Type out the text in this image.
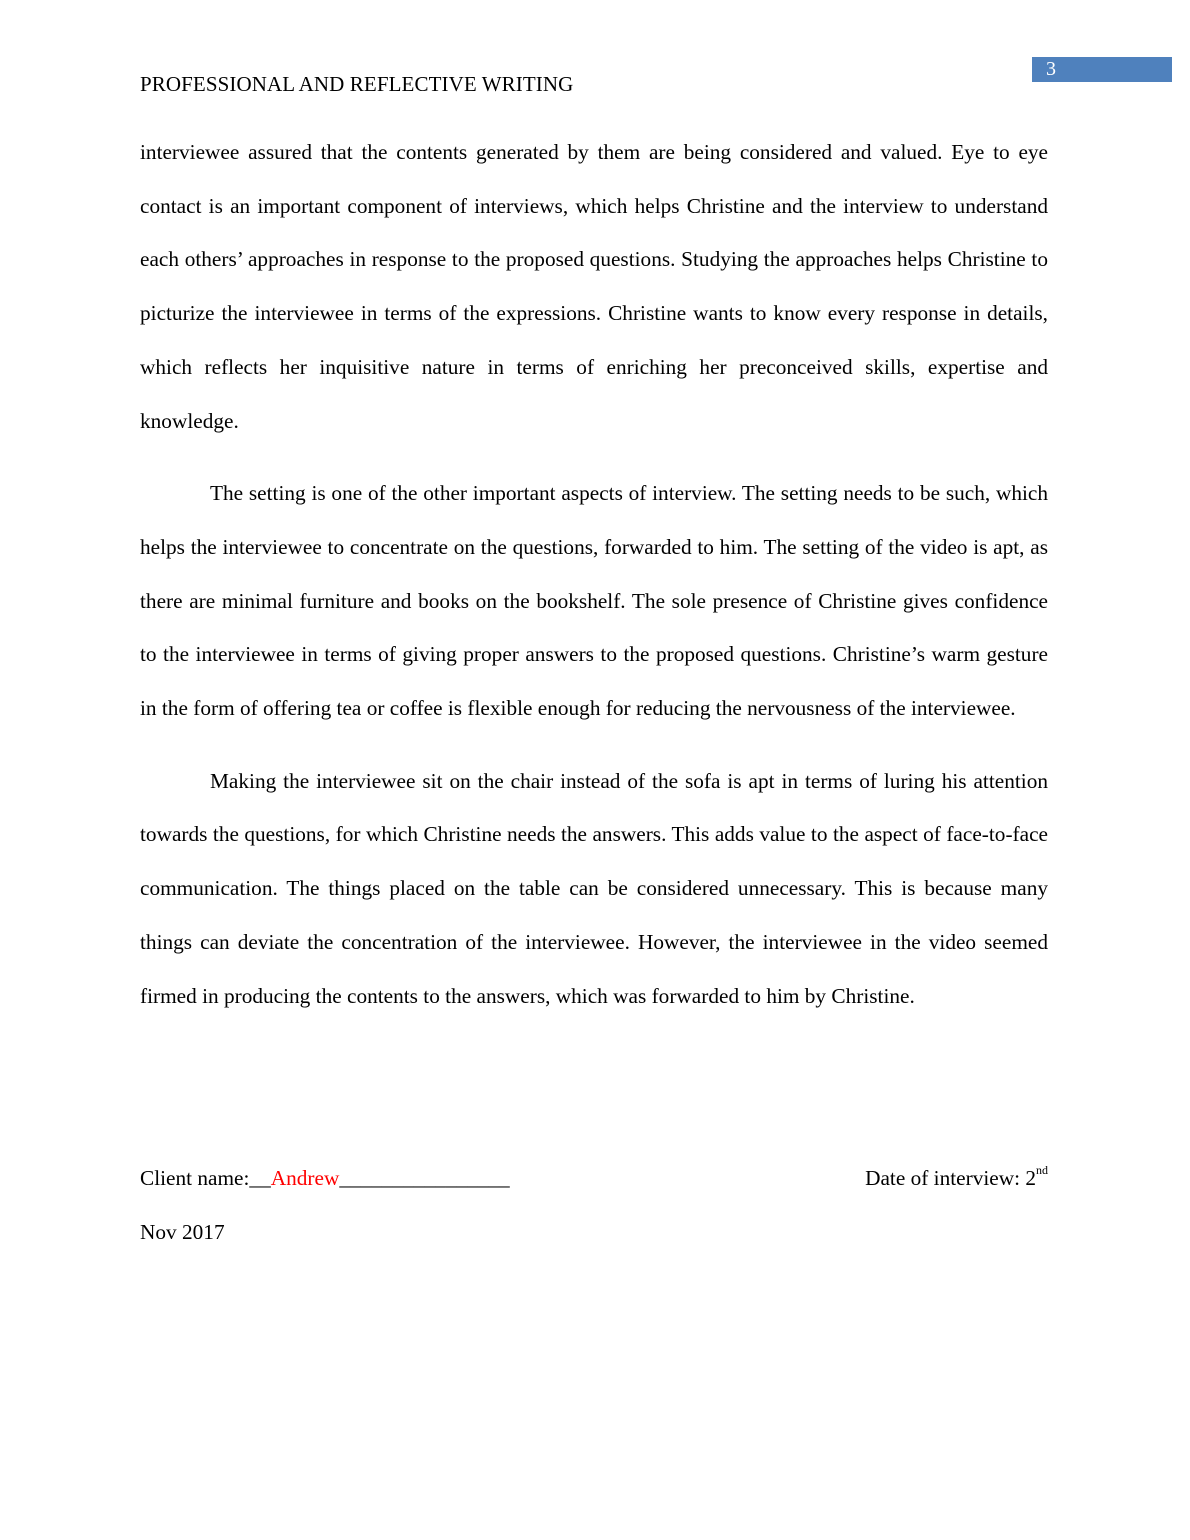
3
PROFESSIONAL AND REFLECTIVE WRITING

interviewee assured that the contents generated by them are being considered and valued. Eye to eye contact is an important component of interviews, which helps Christine and the interview to understand each others’ approaches in response to the proposed questions. Studying the approaches helps Christine to picturize the interviewee in terms of the expressions. Christine wants to know every response in details, which reflects her inquisitive nature in terms of enriching her preconceived skills, expertise and knowledge.

The setting is one of the other important aspects of interview. The setting needs to be such, which helps the interviewee to concentrate on the questions, forwarded to him. The setting of the video is apt, as there are minimal furniture and books on the bookshelf. The sole presence of Christine gives confidence to the interviewee in terms of giving proper answers to the proposed questions. Christine’s warm gesture in the form of offering tea or coffee is flexible enough for reducing the nervousness of the interviewee.

Making the interviewee sit on the chair instead of the sofa is apt in terms of luring his attention towards the questions, for which Christine needs the answers. This adds value to the aspect of face-to-face communication. The things placed on the table can be considered unnecessary. This is because many things can deviate the concentration of the interviewee. However, the interviewee in the video seemed firmed in producing the contents to the answers, which was forwarded to him by Christine.

Client name:__Andrew________________	Date of interview: 2nd
Nov 2017
